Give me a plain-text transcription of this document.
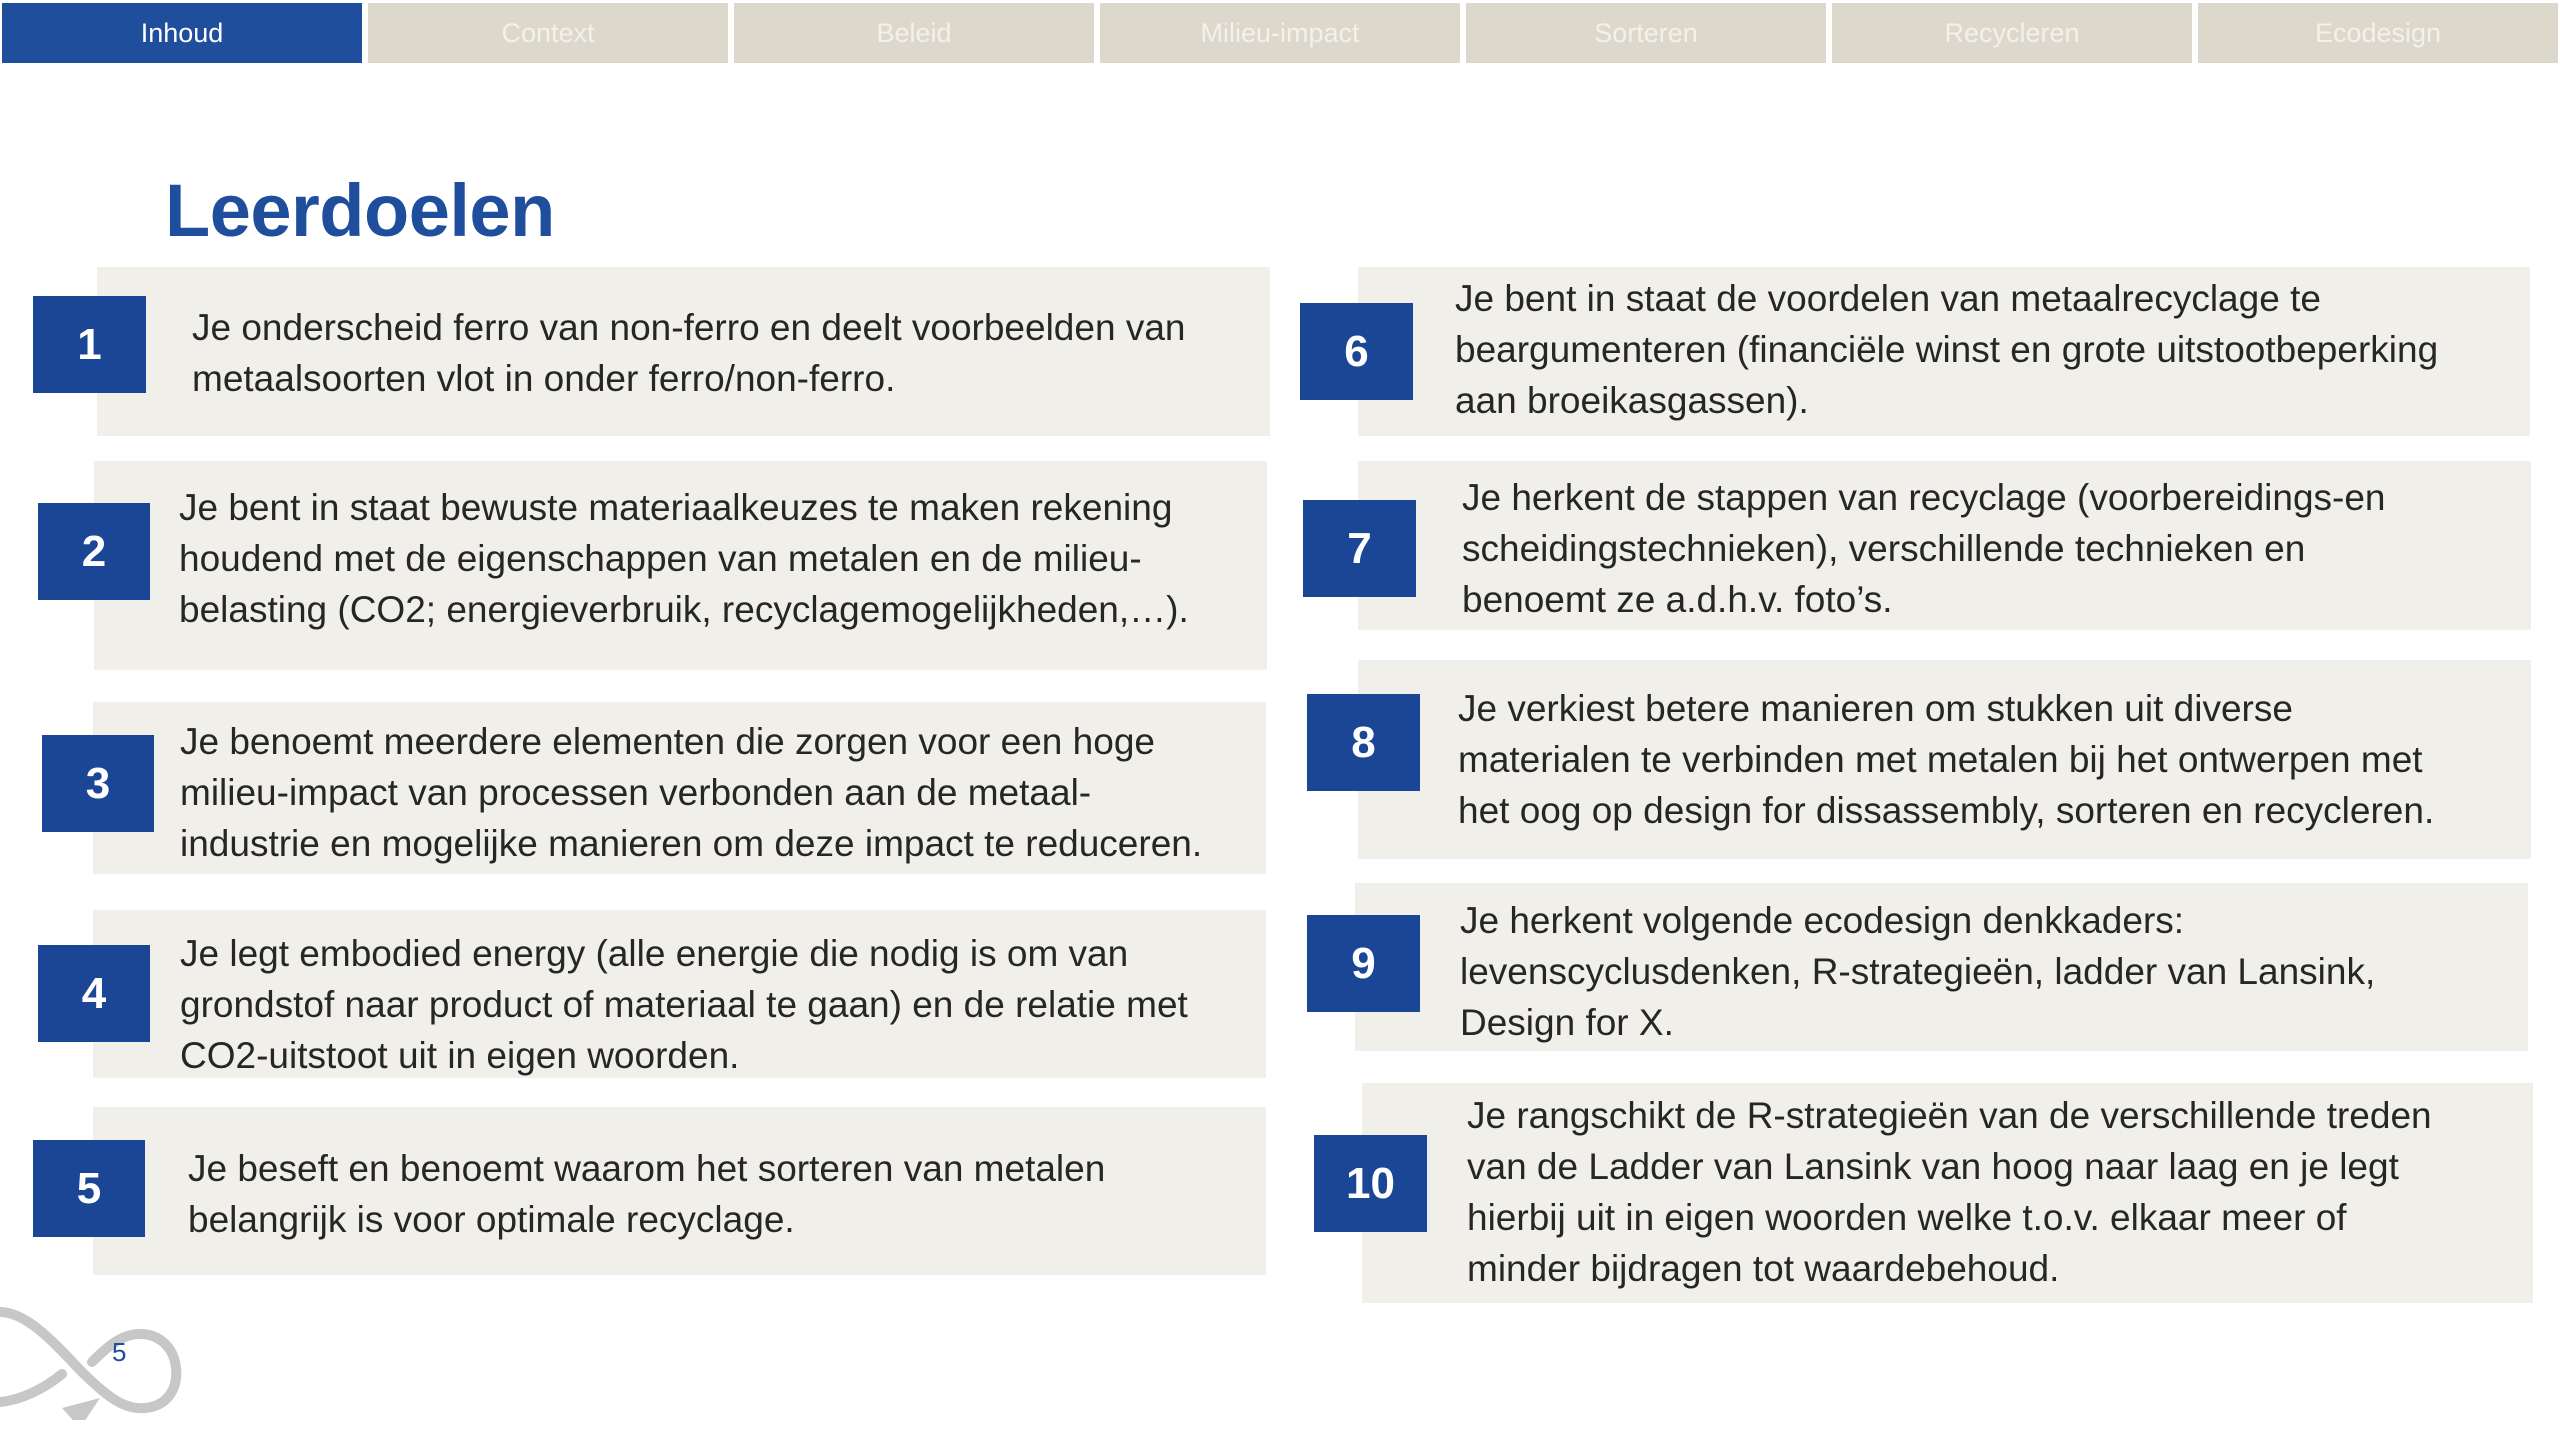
Inhoud	Context	Beleid	Milieu-impact	Sorteren	Recycleren	Ecodesign
Leerdoelen
1	Je onderscheid ferro van non-ferro en deelt voorbeelden van
metaalsoorten vlot in onder ferro/non-ferro.
2
Je bent in staat bewuste materiaalkeuzes te maken rekening
houdend met de eigenschappen van metalen en de milieu-
belasting (CO2; energieverbruik, recyclagemogelijkheden,…).
3
Je benoemt meerdere elementen die zorgen voor een hoge
milieu-impact van processen verbonden aan de metaal-
industrie en mogelijke manieren om deze impact te reduceren.
4
Je legt embodied energy (alle energie die nodig is om van
grondstof naar product of materiaal te gaan) en de relatie met
CO2-uitstoot uit in eigen woorden.
5	Je beseft en benoemt waarom het sorteren van metalen
belangrijk is voor optimale recyclage.
6
Je bent in staat de voordelen van metaalrecyclage te
beargumenteren (financiële winst en grote uitstootbeperking
aan broeikasgassen).
7
Je herkent de stappen van recyclage (voorbereidings-en
scheidingstechnieken), verschillende technieken en
benoemt ze a.d.h.v. foto’s.
8
Je verkiest betere manieren om stukken uit diverse
materialen te verbinden met metalen bij het ontwerpen met
het oog op design for dissassembly, sorteren en recycleren.
9
Je herkent volgende ecodesign denkkaders:
levenscyclusdenken, R-strategieën, ladder van Lansink,
Design for X.
10
Je rangschikt de R-strategieën van de verschillende treden
van de Ladder van Lansink van hoog naar laag en je legt
hierbij uit in eigen woorden welke t.o.v. elkaar meer of
minder bijdragen tot waardebehoud.
5
